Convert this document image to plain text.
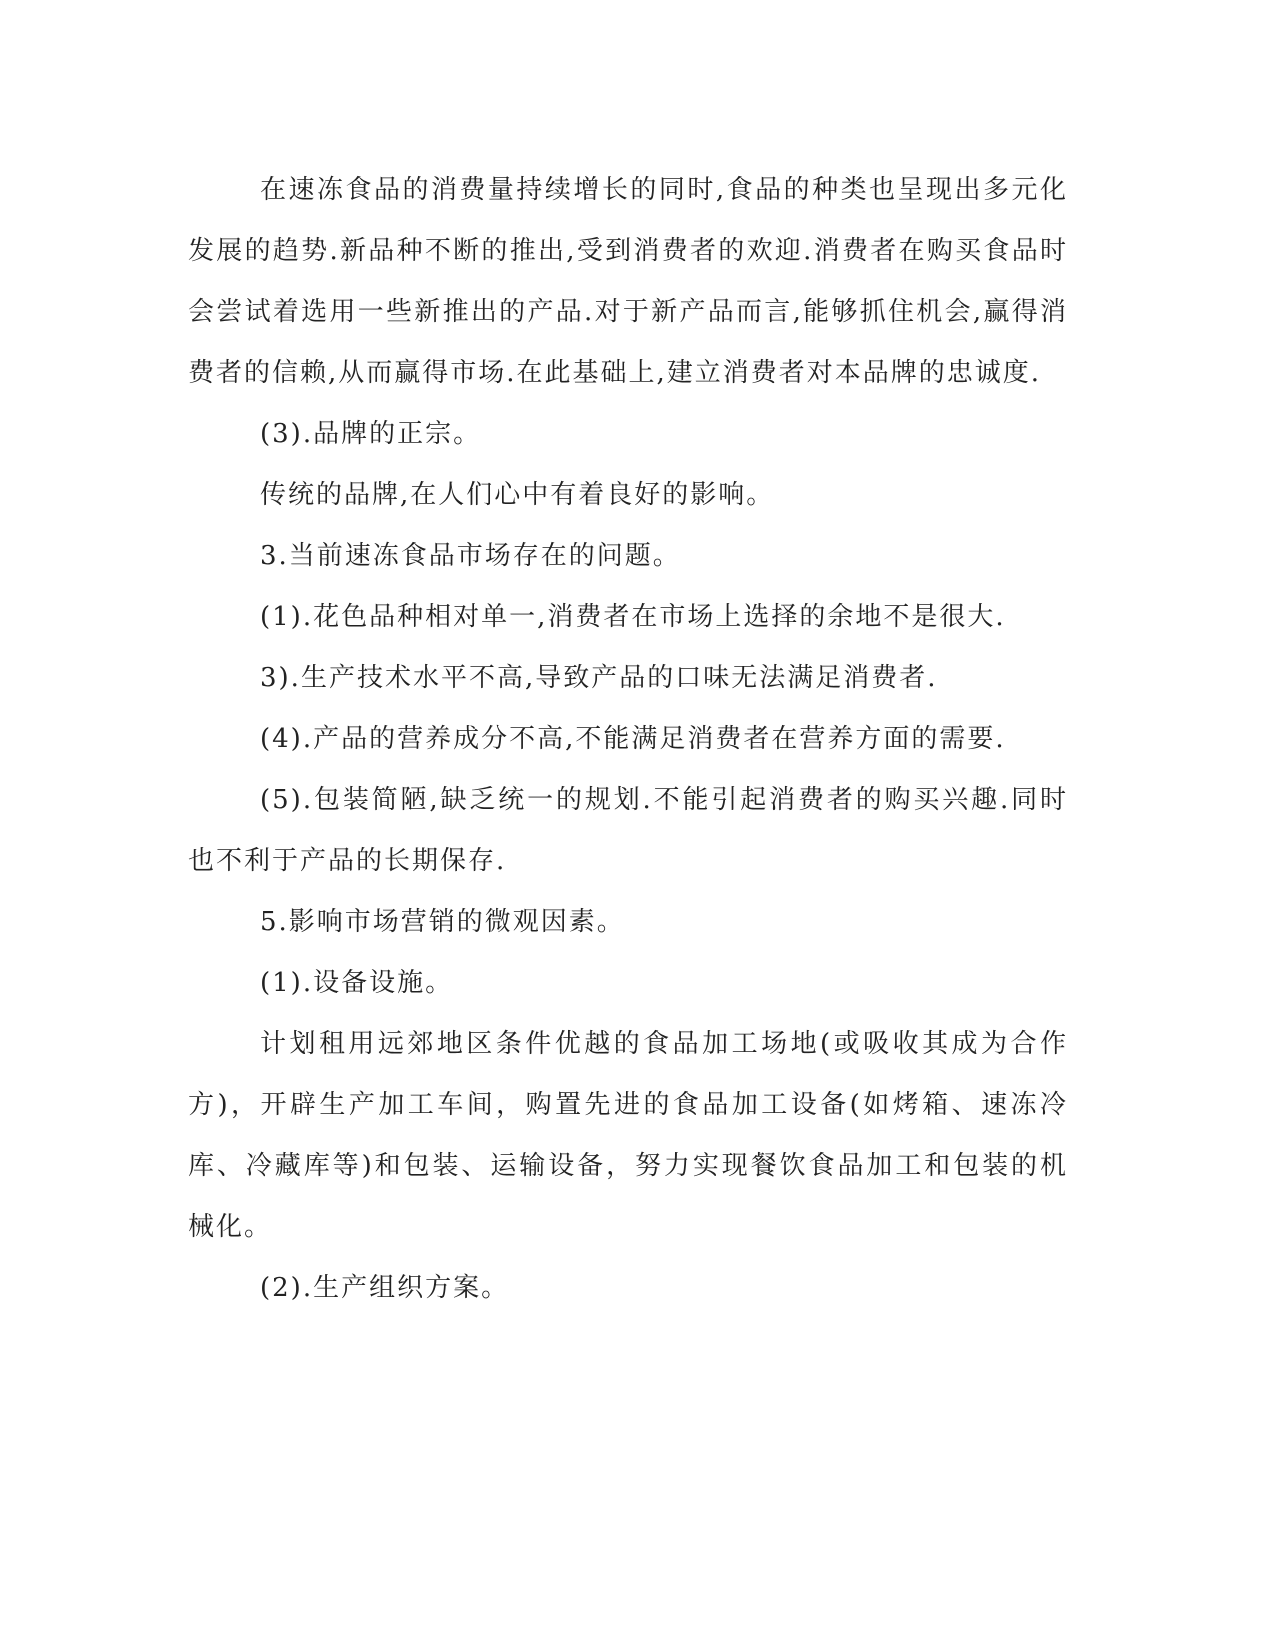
在速冻食品的消费量持续增长的同时,食品的种类也呈现出多元化发展的趋势.新品种不断的推出,受到消费者的欢迎.消费者在购买食品时会尝试着选用一些新推出的产品.对于新产品而言,能够抓住机会,赢得消费者的信赖,从而赢得市场.在此基础上,建立消费者对本品牌的忠诚度.

(3).品牌的正宗。

传统的品牌,在人们心中有着良好的影响。

3.当前速冻食品市场存在的问题。

(1).花色品种相对单一,消费者在市场上选择的余地不是很大.

3).生产技术水平不高,导致产品的口味无法满足消费者.

(4).产品的营养成分不高,不能满足消费者在营养方面的需要.

(5).包装简陋,缺乏统一的规划.不能引起消费者的购买兴趣.同时也不利于产品的长期保存.

5.影响市场营销的微观因素。

(1).设备设施。

计划租用远郊地区条件优越的食品加工场地(或吸收其成为合作方)，开辟生产加工车间，购置先进的食品加工设备(如烤箱、速冻冷库、冷藏库等)和包装、运输设备，努力实现餐饮食品加工和包装的机械化。

(2).生产组织方案。
